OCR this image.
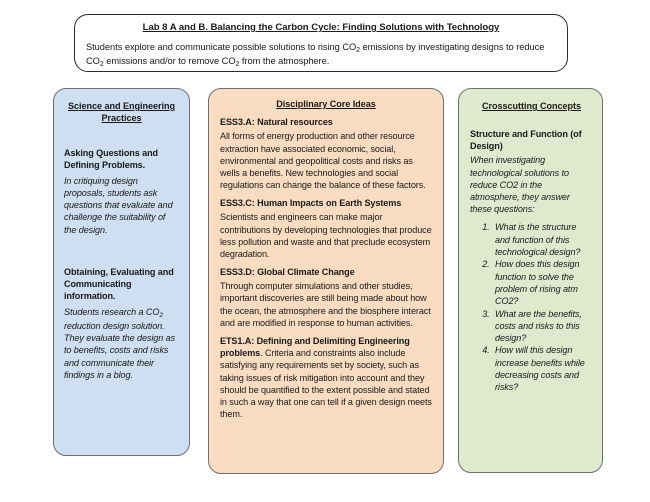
Lab 8 A and B. Balancing the Carbon Cycle: Finding Solutions with Technology
Students explore and communicate possible solutions to rising $CO_2$ emissions by investigating designs to reduce $CO_2$ emissions and/or to remove $CO_2$ from the atmosphere.
Science and Engineering Practices
Asking Questions and Defining Problems.
In critiquing design proposals, students ask questions that evaluate and challenge the suitability of the design.
Obtaining, Evaluating and Communicating information.
Students research a $CO_2$ reduction design solution. They evaluate the design as to benefits, costs and risks and communicate their findings in a blog.
Disciplinary Core Ideas
ESS3.A: Natural resources
All forms of energy production and other resource extraction have associated economic, social, environmental and geopolitical costs and risks as wells a benefits. New technologies and social regulations can change the balance of these factors.
ESS3.C: Human Impacts on Earth Systems
Scientists and engineers can make major contributions by developing technologies that produce less pollution and waste and that preclude ecosystem degradation.
ESS3.D: Global Climate Change
Through computer simulations and other studies, important discoveries are still being made about how the ocean, the atmosphere and the biosphere interact and are modified in response to human activities.
ETS1.A: Defining and Delimiting Engineering problems. Criteria and constraints also include satisfying any requirements set by society, such as taking issues of risk mitigation into account and they should be quantified to the extent possible and stated in such a way that one can tell if a given design meets them.
Crosscutting Concepts
Structure and Function (of Design)
When investigating technological solutions to reduce CO2 in the atmosphere, they answer these questions:
1. What is the structure and function of this technological design?
2. How does this design function to solve the problem of rising atm CO2?
3. What are the benefits, costs and risks to this design?
4. How will this design increase benefits while decreasing costs and risks?
